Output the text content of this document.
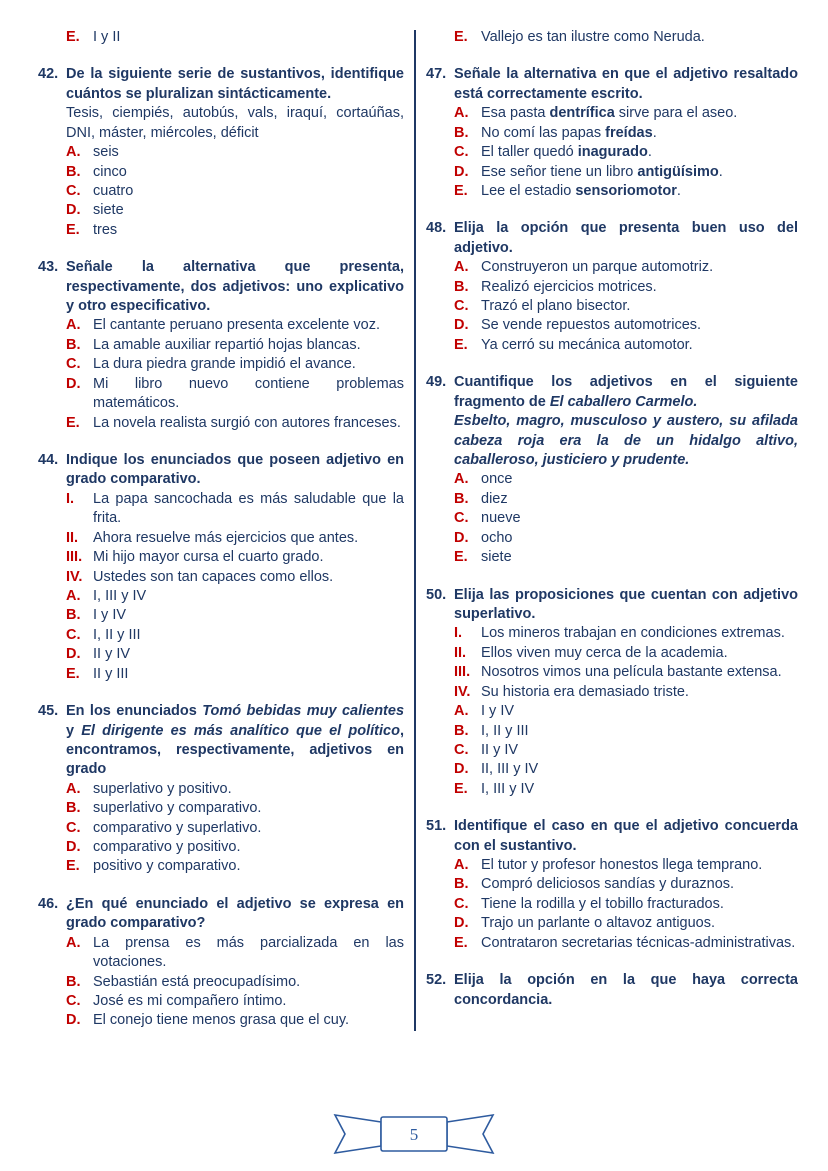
E. I y II
42. De la siguiente serie de sustantivos, identifique cuántos se pluralizan sintácticamente.
Tesis, ciempiés, autobús, vals, iraquí, cortaúñas, DNI, máster, miércoles, déficit
A. seis
B. cinco
C. cuatro
D. siete
E. tres
43. Señale la alternativa que presenta, respectivamente, dos adjetivos: uno explicativo y otro especificativo.
A. El cantante peruano presenta excelente voz.
B. La amable auxiliar repartió hojas blancas.
C. La dura piedra grande impidió el avance.
D. Mi libro nuevo contiene problemas matemáticos.
E. La novela realista surgió con autores franceses.
44. Indique los enunciados que poseen adjetivo en grado comparativo.
I.	La papa sancochada es más saludable que la frita.
II.	Ahora resuelve más ejercicios que antes.
III. Mi hijo mayor cursa el cuarto grado.
IV. Ustedes son tan capaces como ellos.
A. I, III y IV
B. I y IV
C. I, II y III
D. II y IV
E. II y III
45. En los enunciados Tomó bebidas muy calientes y El dirigente es más analítico que el político, encontramos, respectivamente, adjetivos en grado
A. superlativo y positivo.
B. superlativo y comparativo.
C. comparativo y superlativo.
D. comparativo y positivo.
E. positivo y comparativo.
46. ¿En qué enunciado el adjetivo se expresa en grado comparativo?
A. La prensa es más parcializada en las votaciones.
B. Sebastián está preocupadísimo.
C. José es mi compañero íntimo.
D. El conejo tiene menos grasa que el cuy.
E. Vallejo es tan ilustre como Neruda.
47. Señale la alternativa en que el adjetivo resaltado está correctamente escrito.
A. Esa pasta dentrífica sirve para el aseo.
B. No comí las papas freídas.
C. El taller quedó inagurado.
D. Ese señor tiene un libro antigüísimo.
E. Lee el estadio sensoriomotor.
48. Elija la opción que presenta buen uso del adjetivo.
A. Construyeron un parque automotriz.
B. Realizó ejercicios motrices.
C. Trazó el plano bisector.
D. Se vende repuestos automotrices.
E. Ya cerró su mecánica automotor.
49. Cuantifique los adjetivos en el siguiente fragmento de El caballero Carmelo.
Esbelto, magro, musculoso y austero, su afilada cabeza roja era la de un hidalgo altivo, caballeroso, justiciero y prudente.
A. once
B. diez
C. nueve
D. ocho
E. siete
50. Elija las proposiciones que cuentan con adjetivo superlativo.
I.	Los mineros trabajan en condiciones extremas.
II.	Ellos viven muy cerca de la academia.
III. Nosotros vimos una película bastante extensa.
IV. Su historia era demasiado triste.
A. I y IV
B. I, II y III
C. II y IV
D. II, III y IV
E. I, III y IV
51. Identifique el caso en que el adjetivo concuerda con el sustantivo.
A. El tutor y profesor honestos llega temprano.
B. Compró deliciosos sandías y duraznos.
C. Tiene la rodilla y el tobillo fracturados.
D. Trajo un parlante o altavoz antiguos.
E. Contrataron secretarias técnicas-administrativas.
52. Elija la opción en la que haya correcta concordancia.
5
